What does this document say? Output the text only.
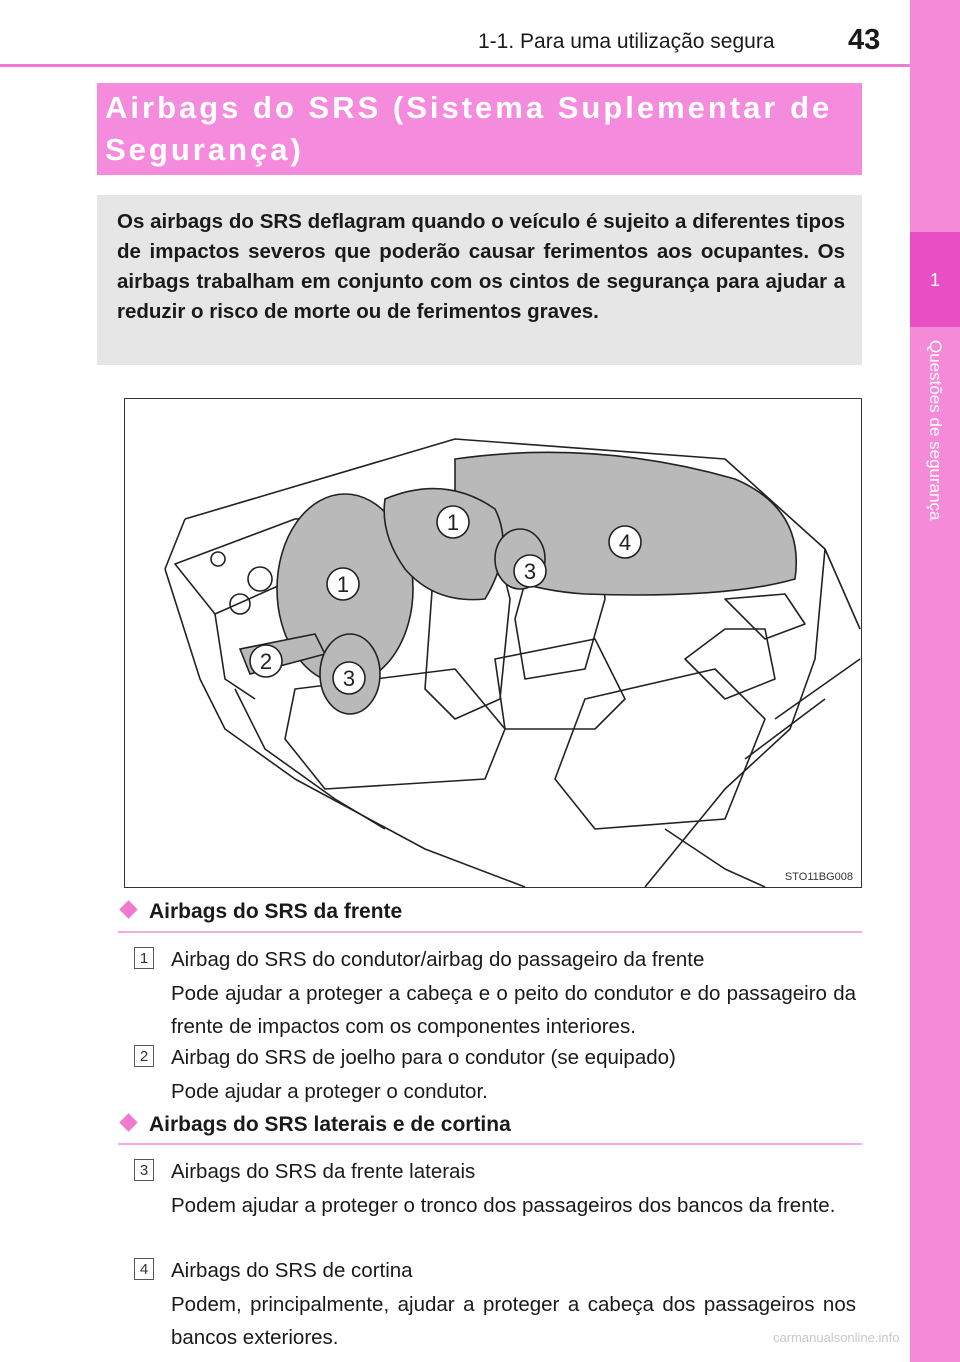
1-1. Para uma utilização segura	43
1
Questões de segurança
Airbags do SRS (Sistema Suplementar de Segurança)
Os airbags do SRS deflagram quando o veículo é sujeito a diferentes tipos de impactos severos que poderão causar ferimentos aos ocupantes. Os airbags trabalham em conjunto com os cintos de segurança para ajudar a reduzir o risco de morte ou de ferimentos graves.
1
1
2
3
3
4
STO11BG008
Airbags do SRS da frente
1 Airbag do SRS do condutor/airbag do passageiro da frente
Pode ajudar a proteger a cabeça e o peito do condutor e do passageiro da frente de impactos com os componentes interiores.
2 Airbag do SRS de joelho para o condutor (se equipado)
Pode ajudar a proteger o condutor.
Airbags do SRS laterais e de cortina
3 Airbags do SRS da frente laterais
Podem ajudar a proteger o tronco dos passageiros dos bancos da frente.
4 Airbags do SRS de cortina
Podem, principalmente, ajudar a proteger a cabeça dos passageiros nos bancos exteriores.	carmanualsonline.info
